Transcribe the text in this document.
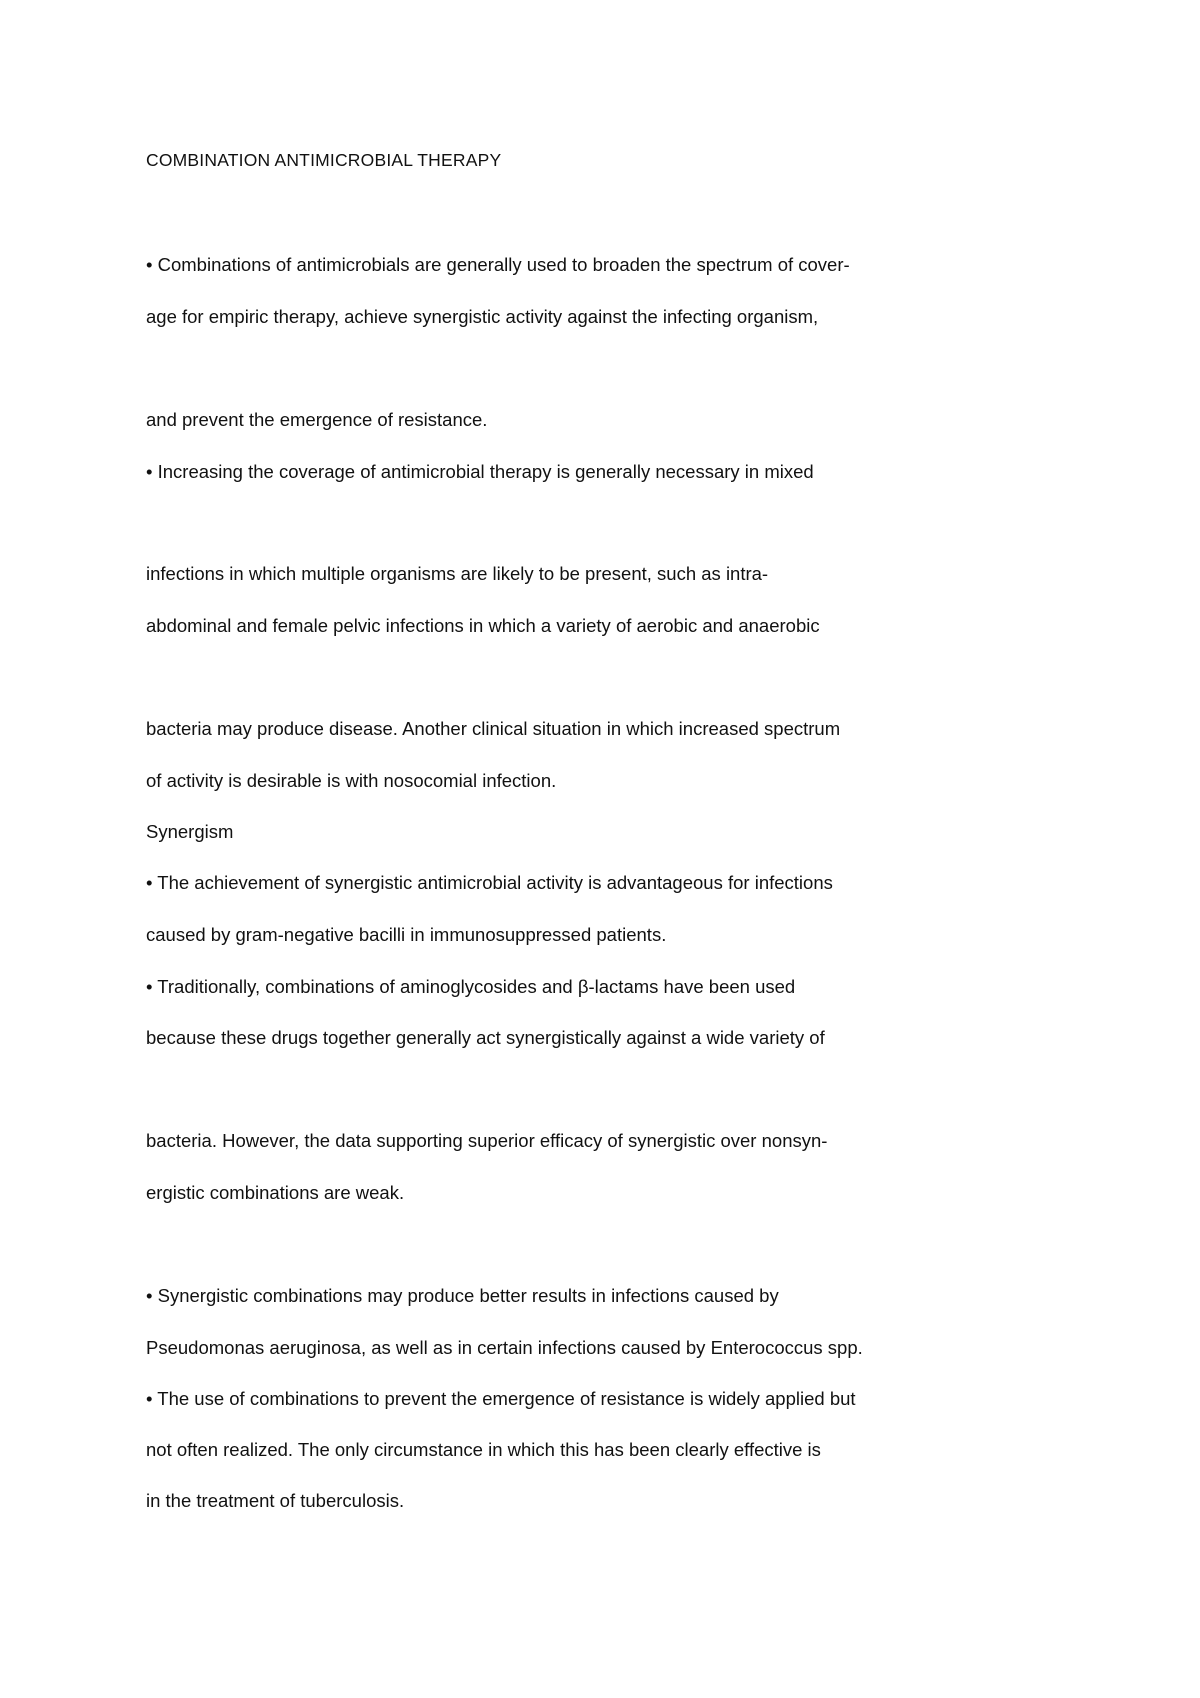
COMBINATION ANTIMICROBIAL THERAPY
• Combinations of antimicrobials are generally used to broaden the spectrum of cover-
age for empiric therapy, achieve synergistic activity against the infecting organism,
and prevent the emergence of resistance.
• Increasing the coverage of antimicrobial therapy is generally necessary in mixed
infections in which multiple organisms are likely to be present, such as intra-
abdominal and female pelvic infections in which a variety of aerobic and anaerobic
bacteria may produce disease. Another clinical situation in which increased spectrum
of activity is desirable is with nosocomial infection.
Synergism
• The achievement of synergistic antimicrobial activity is advantageous for infections
caused by gram-negative bacilli in immunosuppressed patients.
• Traditionally, combinations of aminoglycosides and β-lactams have been used
because these drugs together generally act synergistically against a wide variety of
bacteria. However, the data supporting superior efficacy of synergistic over nonsyn-
ergistic combinations are weak.
• Synergistic combinations may produce better results in infections caused by
Pseudomonas aeruginosa, as well as in certain infections caused by Enterococcus spp.
• The use of combinations to prevent the emergence of resistance is widely applied but
not often realized. The only circumstance in which this has been clearly effective is
in the treatment of tuberculosis.
